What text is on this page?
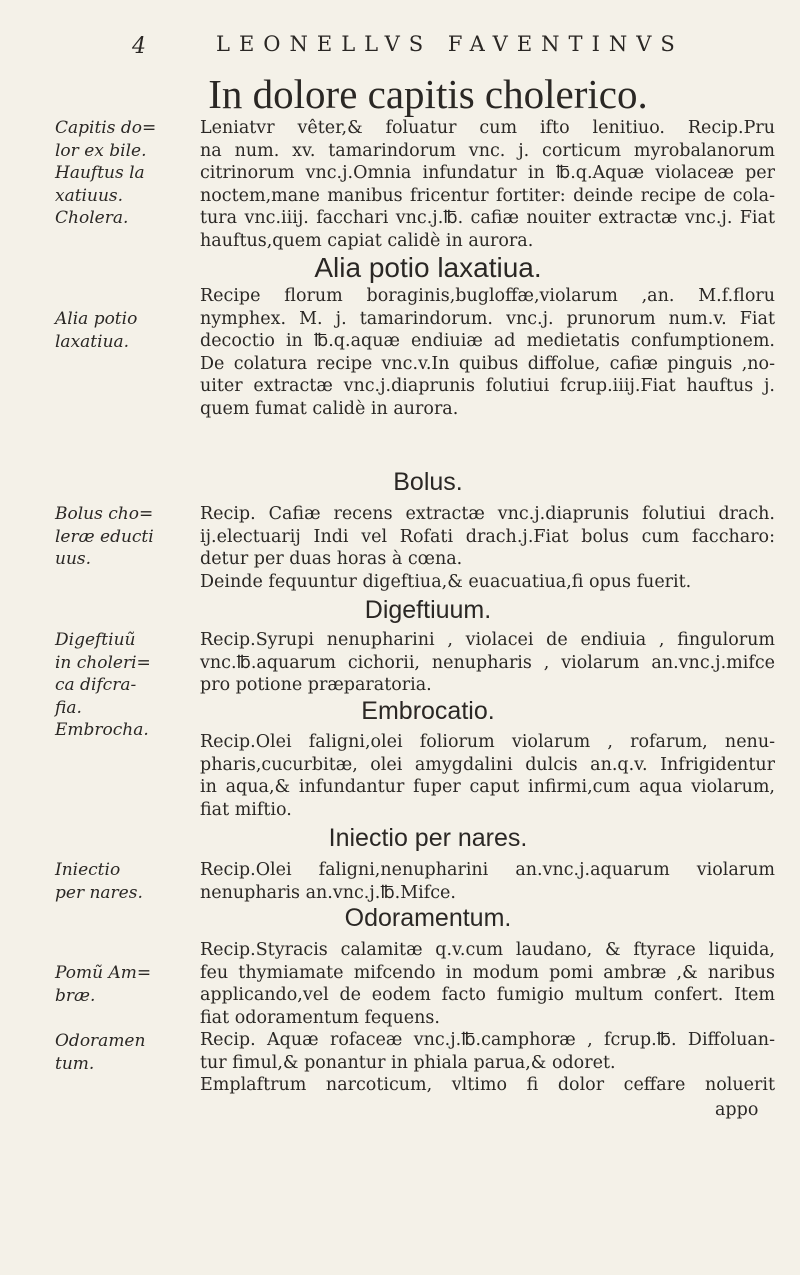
4	LEONELLVS FAVENTINVS
In dolore capitis cholerico.
Leniatvr vêter,& foluatur cum ifto lenitiuo. Recip.Pru
na num. xv. tamarindorum vnc. j. corticum myrobalanorum
citrinorum vnc.j.Omnia infundatur in ℔.q.Aquæ violaceæ per
noctem,mane manibus fricentur fortiter: deinde recipe de cola-
tura vnc.iiij. facchari vnc.j.℔. cafiæ nouiter extractæ vnc.j. Fiat
hauftus,quem capiat calidè in aurora.
Alia potio laxatiua.
Recipe florum boraginis,bugloffæ,violarum ,an. M.f.floru
nymphex. M. j. tamarindorum. vnc.j. prunorum num.v. Fiat
decoctio in ℔.q.aquæ endiuiæ ad medietatis confumptionem.
De colatura recipe vnc.v.In quibus diffolue, cafiæ pinguis ,no-
uiter extractæ vnc.j.diaprunis folutiui fcrup.iiij.Fiat hauftus j.
quem fumat calidè in aurora.
Bolus.
Recip. Cafiæ recens extractæ vnc.j.diaprunis folutiui drach.
ij.electuarij Indi vel Rofati drach.j.Fiat bolus cum faccharo:
detur per duas horas à cœna.
Deinde fequuntur digeftiua,& euacuatiua,fi opus fuerit.
Digeftiuum.
Recip.Syrupi nenupharini , violacei de endiuia , fingulorum
vnc.℔.aquarum cichorii, nenupharis , violarum an.vnc.j.mifce
pro potione præparatoria.
Embrocatio.
Recip.Olei faligni,olei foliorum violarum , rofarum, nenu-
pharis,cucurbitæ, olei amygdalini dulcis an.q.v. Infrigidentur
in aqua,& infundantur fuper caput infirmi,cum aqua violarum,
fiat miftio.
Iniectio per nares.
Recip.Olei faligni,nenupharini an.vnc.j.aquarum violarum
nenupharis an.vnc.j.℔.Mifce.
Odoramentum.
Recip.Styracis calamitæ q.v.cum laudano, & ftyrace liquida,
feu thymiamate mifcendo in modum pomi ambræ ,& naribus
applicando,vel de eodem facto fumigio multum confert. Item
fiat odoramentum fequens.
Recip. Aquæ rofaceæ vnc.j.℔.camphoræ , fcrup.℔. Diffoluan-
tur fimul,& ponantur in phiala parua,& odoret.
Emplaftrum narcoticum, vltimo fi dolor ceffare noluerit
appo
Capitis do=
lor ex bile.
Hauftus la
xatiuus.
Cholera.
Alia potio
laxatiua.
Bolus cho=
leræ educti
uus.
Digeftiuũ
in choleri=
ca difcra-
fia.
Embrocha.
Iniectio
per nares.
Pomũ Am=
bræ.
Odoramen
tum.
